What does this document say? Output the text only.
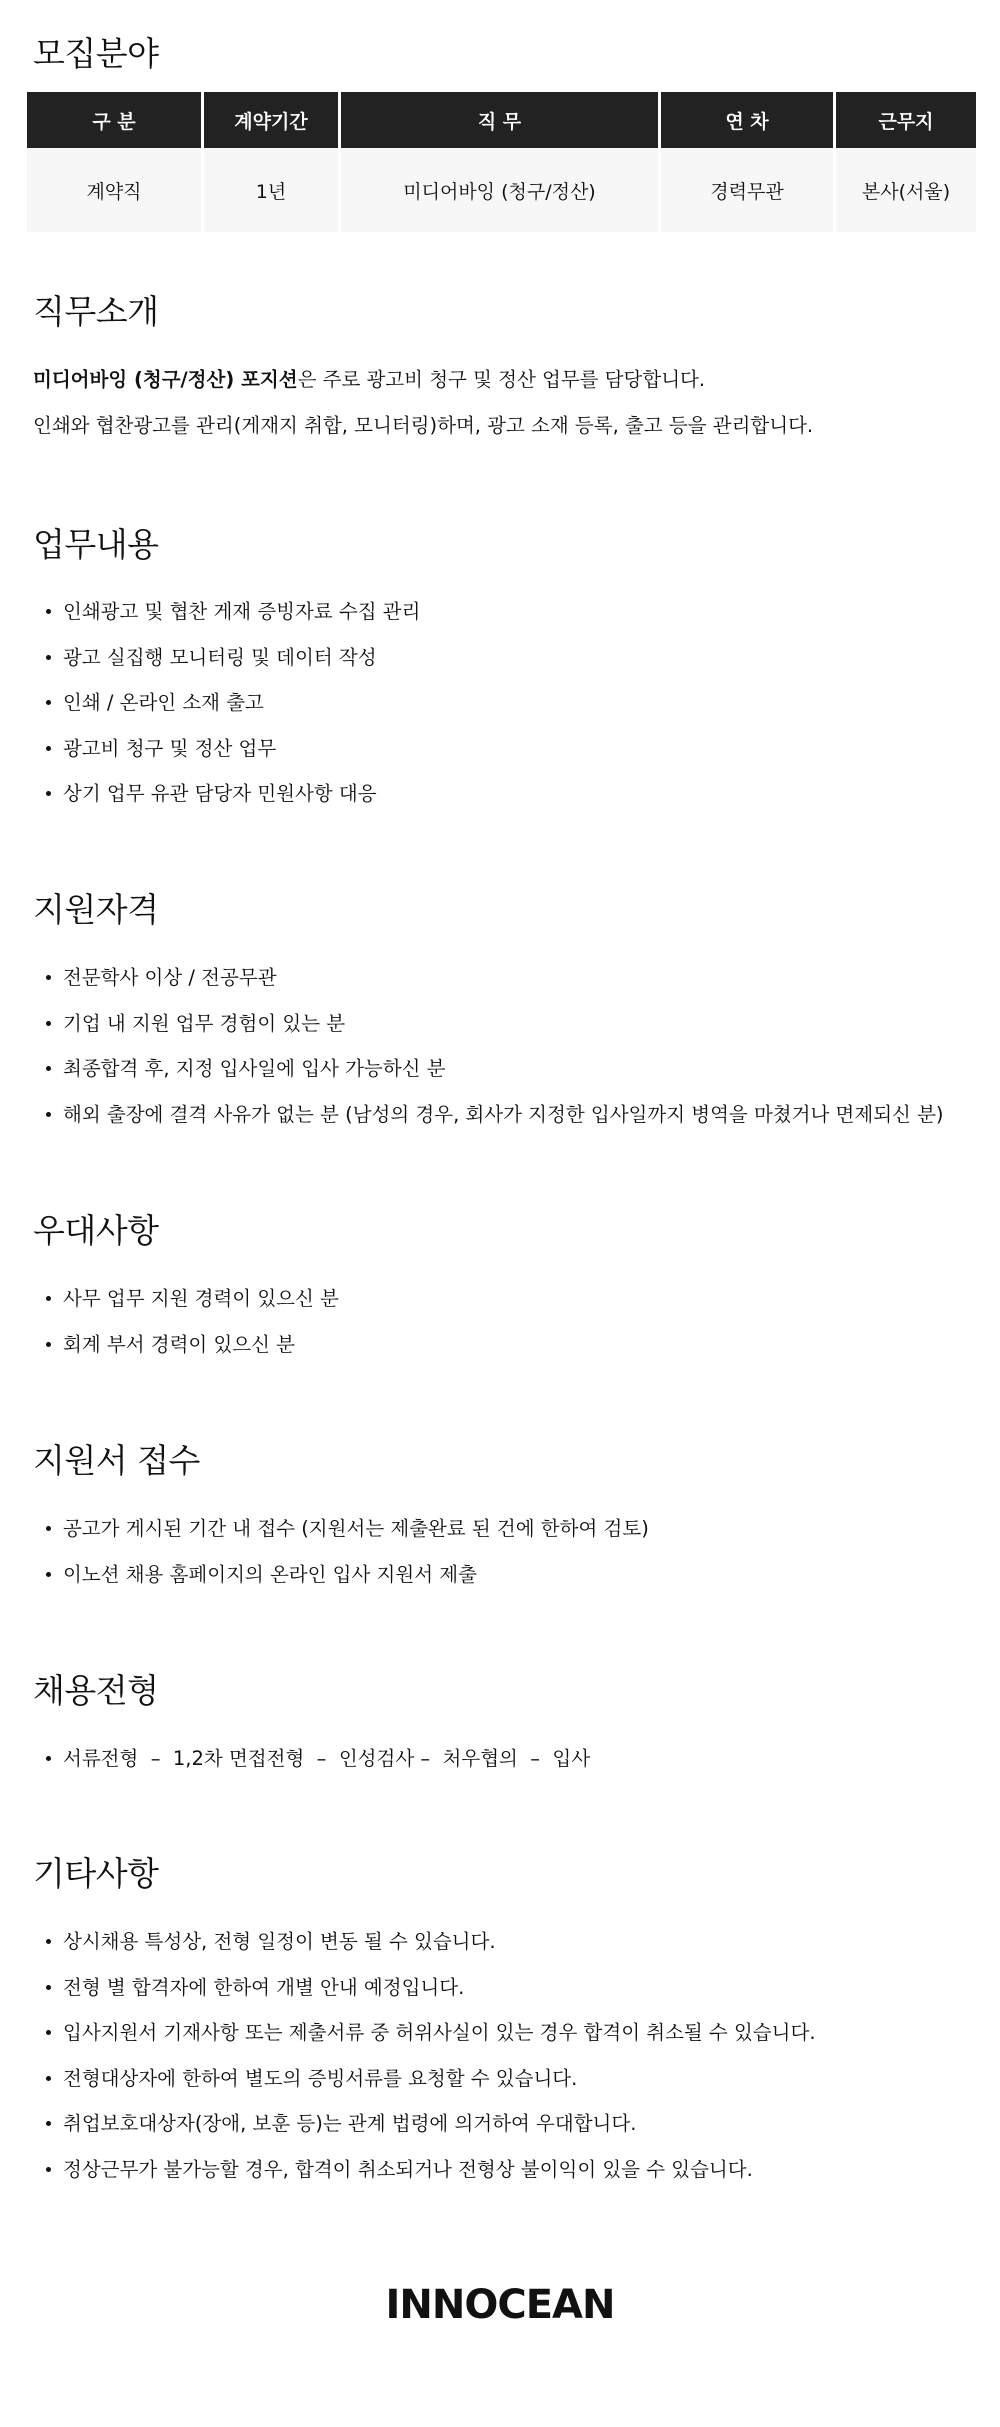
모집분야
구 분	계약기간	직 무	연 차	근무지
계약직	1년	미디어바잉 (청구/정산)	경력무관	본사(서울)
직무소개

미디어바잉 (청구/정산) 포지션은 주로 광고비 청구 및 정산 업무를 담당합니다.

인쇄와 협찬광고를 관리(게재지 취합, 모니터링)하며, 광고 소재 등록, 출고 등을 관리합니다.

업무내용
인쇄광고 및 협찬 게재 증빙자료 수집 관리
광고 실집행 모니터링 및 데이터 작성
인쇄 / 온라인 소재 출고
광고비 청구 및 정산 업무
상기 업무 유관 담당자 민원사항 대응
지원자격
전문학사 이상 / 전공무관
기업 내 지원 업무 경험이 있는 분
최종합격 후, 지정 입사일에 입사 가능하신 분
해외 출장에 결격 사유가 없는 분 (남성의 경우, 회사가 지정한 입사일까지 병역을 마쳤거나 면제되신 분)
우대사항
사무 업무 지원 경력이 있으신 분
회계 부서 경력이 있으신 분
지원서 접수
공고가 게시된 기간 내 접수 (지원서는 제출완료 된 건에 한하여 검토)
이노션 채용 홈페이지의 온라인 입사 지원서 제출
채용전형
서류전형  –  1,2차 면접전형  –  인성검사 –  처우협의  –  입사
기타사항
상시채용 특성상, 전형 일정이 변동 될 수 있습니다.
전형 별 합격자에 한하여 개별 안내 예정입니다.
입사지원서 기재사항 또는 제출서류 중 허위사실이 있는 경우 합격이 취소될 수 있습니다.
전형대상자에 한하여 별도의 증빙서류를 요청할 수 있습니다.
취업보호대상자(장애, 보훈 등)는 관계 법령에 의거하여 우대합니다.
정상근무가 불가능할 경우, 합격이 취소되거나 전형상 불이익이 있을 수 있습니다.
INNOCEAN
